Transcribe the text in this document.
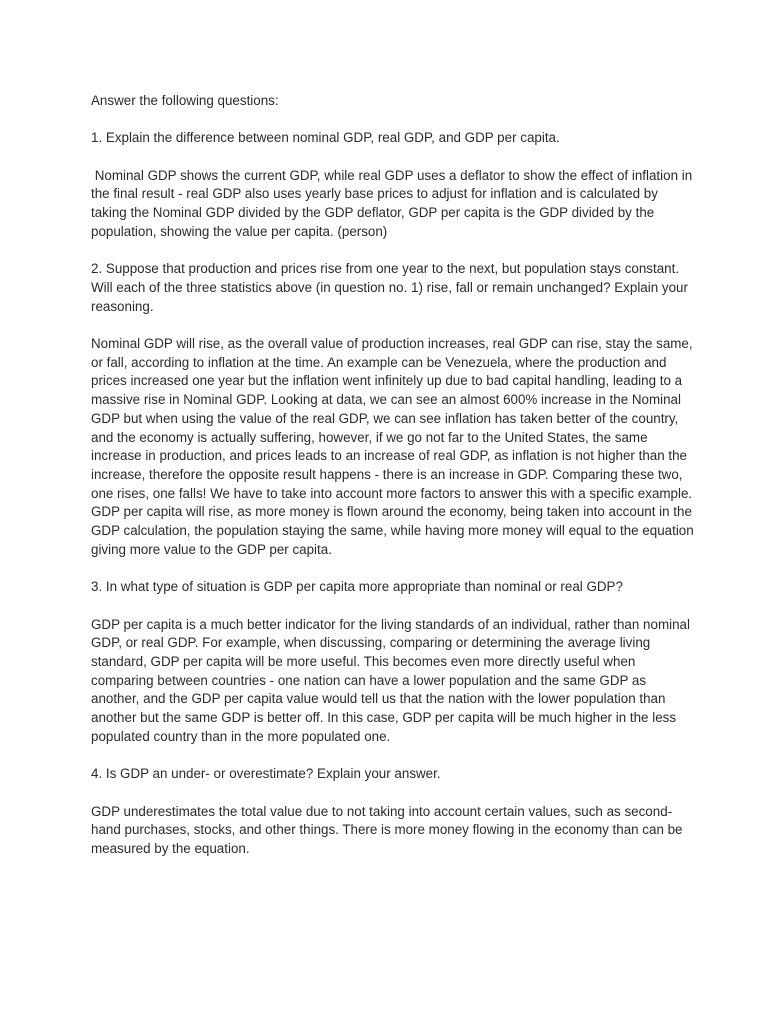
Answer the following questions:

1. Explain the difference between nominal GDP, real GDP, and GDP per capita.

Nominal GDP shows the current GDP, while real GDP uses a deflator to show the effect of inflation in the final result - real GDP also uses yearly base prices to adjust for inflation and is calculated by taking the Nominal GDP divided by the GDP deflator, GDP per capita is the GDP divided by the population, showing the value per capita. (person)

2. Suppose that production and prices rise from one year to the next, but population stays constant. Will each of the three statistics above (in question no. 1) rise, fall or remain unchanged? Explain your reasoning.

Nominal GDP will rise, as the overall value of production increases, real GDP can rise, stay the same, or fall, according to inflation at the time. An example can be Venezuela, where the production and prices increased one year but the inflation went infinitely up due to bad capital handling, leading to a massive rise in Nominal GDP. Looking at data, we can see an almost 600% increase in the Nominal GDP but when using the value of the real GDP, we can see inflation has taken better of the country, and the economy is actually suffering, however, if we go not far to the United States, the same increase in production, and prices leads to an increase of real GDP, as inflation is not higher than the increase, therefore the opposite result happens - there is an increase in GDP. Comparing these two, one rises, one falls! We have to take into account more factors to answer this with a specific example. GDP per capita will rise, as more money is flown around the economy, being taken into account in the GDP calculation, the population staying the same, while having more money will equal to the equation giving more value to the GDP per capita.

3. In what type of situation is GDP per capita more appropriate than nominal or real GDP?

GDP per capita is a much better indicator for the living standards of an individual, rather than nominal GDP, or real GDP. For example, when discussing, comparing or determining the average living standard, GDP per capita will be more useful. This becomes even more directly useful when comparing between countries - one nation can have a lower population and the same GDP as another, and the GDP per capita value would tell us that the nation with the lower population than another but the same GDP is better off. In this case, GDP per capita will be much higher in the less populated country than in the more populated one.

4. Is GDP an under- or overestimate? Explain your answer.

GDP underestimates the total value due to not taking into account certain values, such as second-hand purchases, stocks, and other things. There is more money flowing in the economy than can be measured by the equation.
